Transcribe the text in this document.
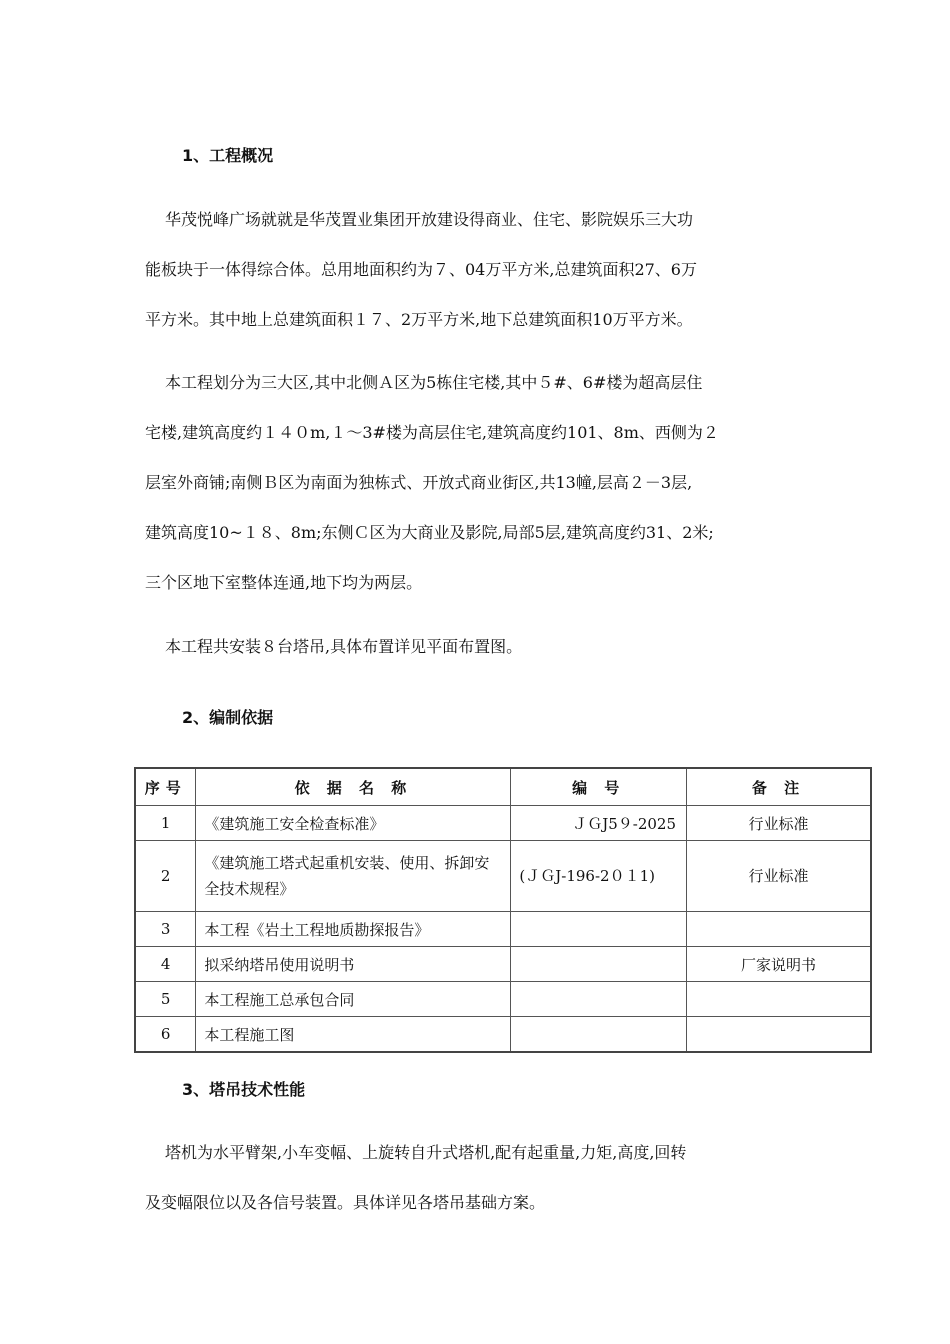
1、工程概况
华茂悦峰广场就就是华茂置业集团开放建设得商业、住宅、影院娱乐三大功
能板块于一体得综合体。总用地面积约为７、04万平方米,总建筑面积27、6万
平方米。其中地上总建筑面积１７、2万平方米,地下总建筑面积10万平方米。
本工程划分为三大区,其中北侧Ａ区为5栋住宅楼,其中５#、6#楼为超高层住
宅楼,建筑高度约１４０m,１～3#楼为高层住宅,建筑高度约101、8m、西侧为２
层室外商铺;南侧Ｂ区为南面为独栋式、开放式商业街区,共13幢,层高２－3层,
建筑高度10~１８、8m;东侧Ｃ区为大商业及影院,局部5层,建筑高度约31、2米;
三个区地下室整体连通,地下均为两层。
本工程共安装８台塔吊,具体布置详见平面布置图。
2、编制依据
序号	依 据 名 称	编 号	备 注
1	《建筑施工安全检查标准》	ＪＧJ5９-2025	行业标准
2	《建筑施工塔式起重机安装、使用、拆卸安全技术规程》	(ＪＧJ-196-2０１1)	行业标准
3	本工程《岩土工程地质勘探报告》		
4	拟采纳塔吊使用说明书		厂家说明书
5	本工程施工总承包合同		
6	本工程施工图		
3、塔吊技术性能
塔机为水平臂架,小车变幅、上旋转自升式塔机,配有起重量,力矩,高度,回转
及变幅限位以及各信号装置。具体详见各塔吊基础方案。
